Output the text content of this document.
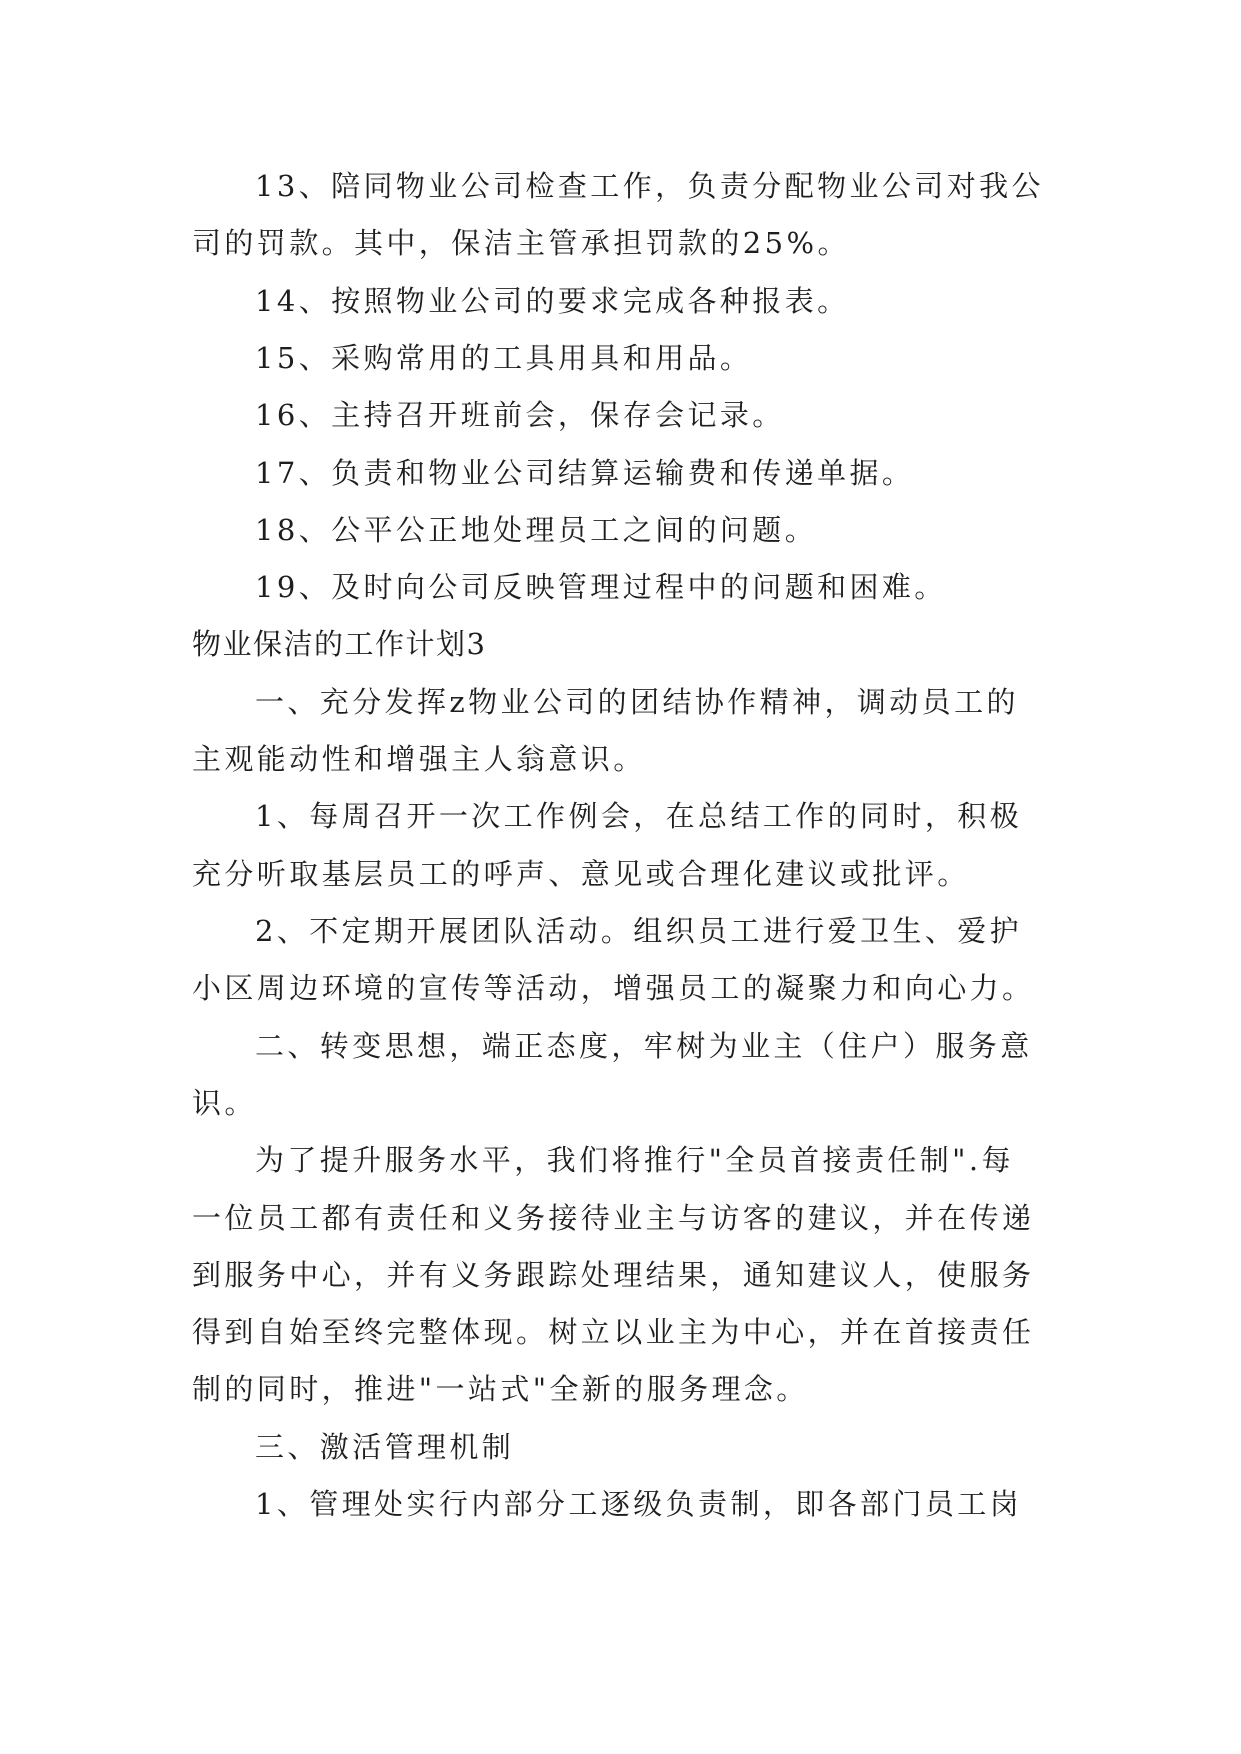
13、陪同物业公司检查工作，负责分配物业公司对我公
司的罚款。其中，保洁主管承担罚款的25%。
14、按照物业公司的要求完成各种报表。
15、采购常用的工具用具和用品。
16、主持召开班前会，保存会记录。
17、负责和物业公司结算运输费和传递单据。
18、公平公正地处理员工之间的问题。
19、及时向公司反映管理过程中的问题和困难。
物业保洁的工作计划3
一、充分发挥z物业公司的团结协作精神，调动员工的
主观能动性和增强主人翁意识。
1、每周召开一次工作例会，在总结工作的同时，积极
充分听取基层员工的呼声、意见或合理化建议或批评。
2、不定期开展团队活动。组织员工进行爱卫生、爱护
小区周边环境的宣传等活动，增强员工的凝聚力和向心力。
二、转变思想，端正态度，牢树为业主（住户）服务意
识。
为了提升服务水平，我们将推行"全员首接责任制".每
一位员工都有责任和义务接待业主与访客的建议，并在传递
到服务中心，并有义务跟踪处理结果，通知建议人，使服务
得到自始至终完整体现。树立以业主为中心，并在首接责任
制的同时，推进"一站式"全新的服务理念。
三、激活管理机制
1、管理处实行内部分工逐级负责制，即各部门员工岗
